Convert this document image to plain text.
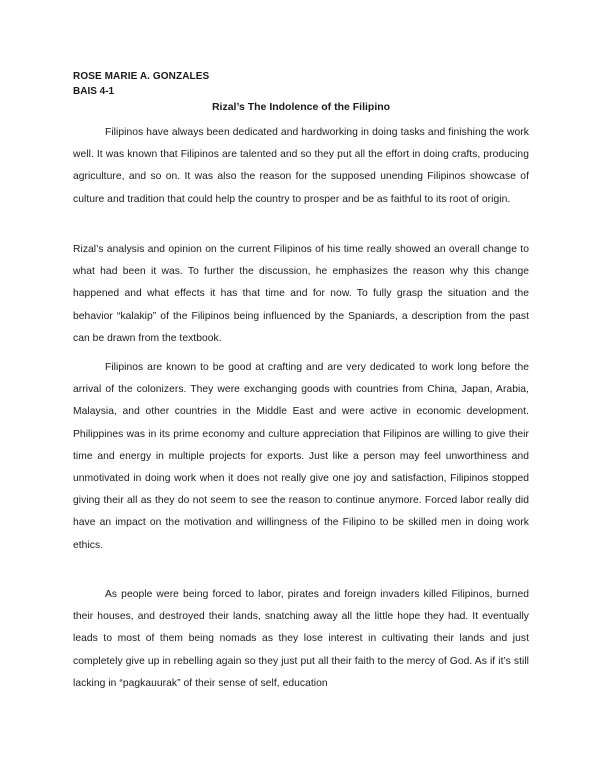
ROSE MARIE A. GONZALES
BAIS 4-1
Rizal’s The Indolence of the Filipino

Filipinos have always been dedicated and hardworking in doing tasks and finishing the work well. It was known that Filipinos are talented and so they put all the effort in doing crafts, producing agriculture, and so on. It was also the reason for the supposed unending Filipinos showcase of culture and tradition that could help the country to prosper and be as faithful to its root of origin.

Rizal’s analysis and opinion on the current Filipinos of his time really showed an overall change to what had been it was. To further the discussion, he emphasizes the reason why this change happened and what effects it has that time and for now. To fully grasp the situation and the behavior “kalakip” of the Filipinos being influenced by the Spaniards, a description from the past can be drawn from the textbook.

Filipinos are known to be good at crafting and are very dedicated to work long before the arrival of the colonizers. They were exchanging goods with countries from China, Japan, Arabia, Malaysia, and other countries in the Middle East and were active in economic development. Philippines was in its prime economy and culture appreciation that Filipinos are willing to give their time and energy in multiple projects for exports. Just like a person may feel unworthiness and unmotivated in doing work when it does not really give one joy and satisfaction, Filipinos stopped giving their all as they do not seem to see the reason to continue anymore. Forced labor really did have an impact on the motivation and willingness of the Filipino to be skilled men in doing work ethics.

As people were being forced to labor, pirates and foreign invaders killed Filipinos, burned their houses, and destroyed their lands, snatching away all the little hope they had. It eventually leads to most of them being nomads as they lose interest in cultivating their lands and just completely give up in rebelling again so they just put all their faith to the mercy of God. As if it’s still lacking in “pagkauurak” of their sense of self, education
